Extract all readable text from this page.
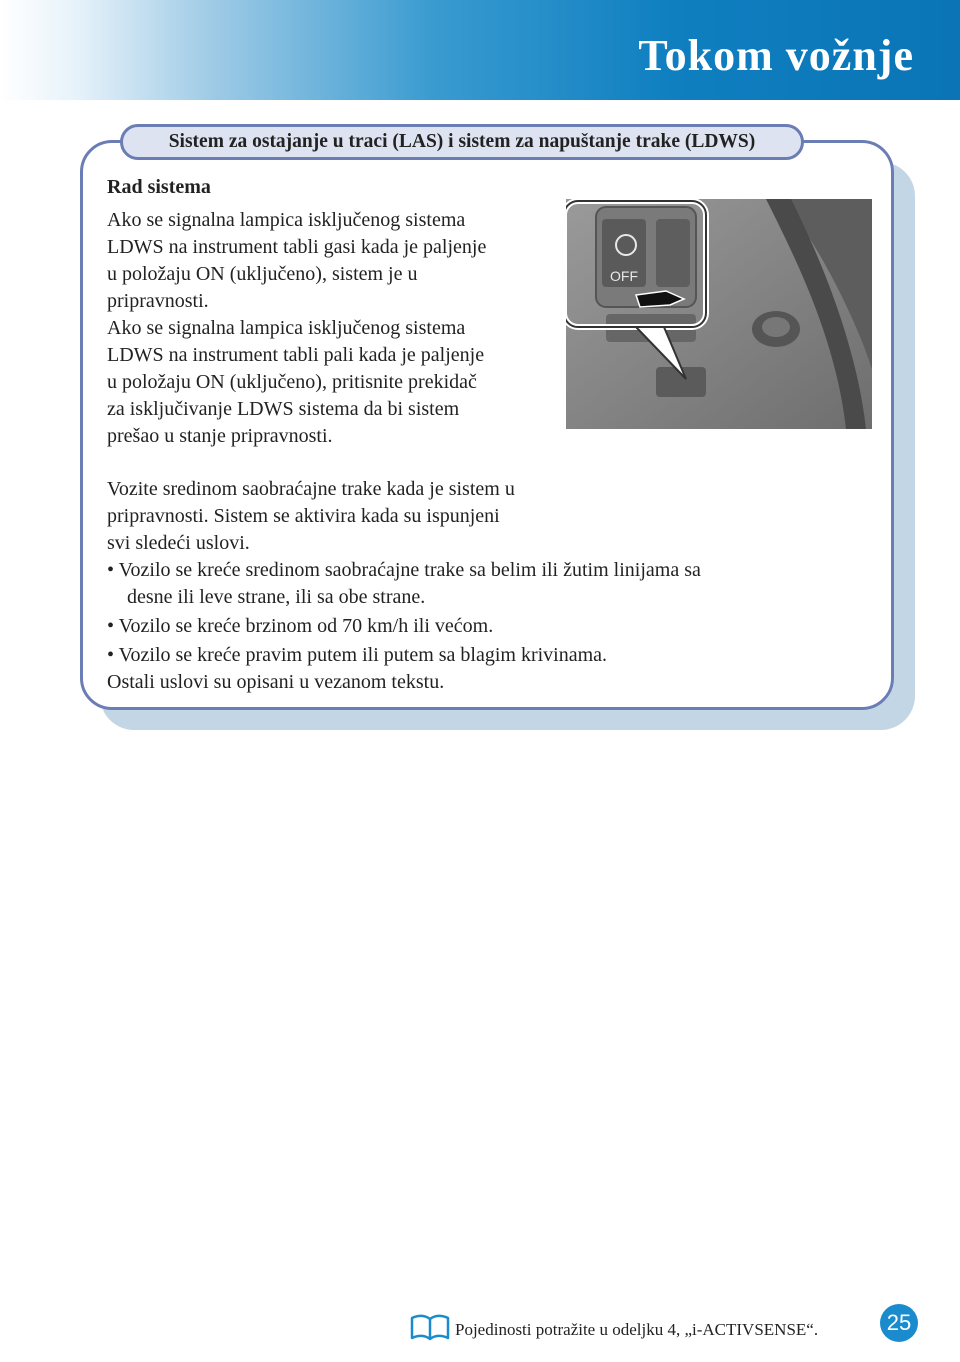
Tokom vožnje
Sistem za ostajanje u traci (LAS) i sistem za napuštanje trake (LDWS)
Rad sistema
Ako se signalna lampica isključenog sistema
LDWS na instrument tabli gasi kada je paljenje
u položaju ON (uključeno), sistem je u
pripravnosti.
Ako se signalna lampica isključenog sistema
LDWS na instrument tabli pali kada je paljenje
u položaju ON (uključeno), pritisnite prekidač
za isključivanje LDWS sistema da bi sistem
prešao u stanje pripravnosti.
Vozite sredinom saobraćajne trake kada je sistem u
pripravnosti. Sistem se aktivira kada su ispunjeni
svi sledeći uslovi.
• Vozilo se kreće sredinom saobraćajne trake sa belim ili žutim linijama sa desne ili leve strane, ili sa obe strane.
• Vozilo se kreće brzinom od 70 km/h ili većom.
• Vozilo se kreće pravim putem ili putem sa blagim krivinama.
Ostali uslovi su opisani u vezanom tekstu.
OFF
Pojedinosti potražite u odeljku 4, „i-ACTIVSENSE“.	25
